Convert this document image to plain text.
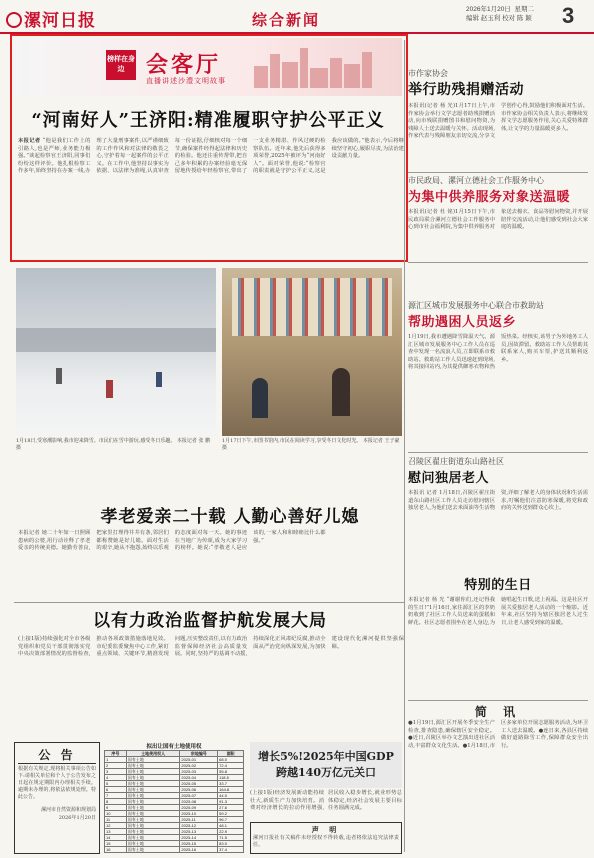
漯河日报	综合新闻
2026年1月20日 星期二
编辑 赵玉利 校对 陈 颖 3
榜样在身边 会客厅
直播讲述沙澧文明故事
“河南好人”王济阳:精准履职守护公平正义
本报记者 “他是我们工作上的引路人,也是严师,业务能力极强。”谈起检察官王济阳,同事们纷纷这样评价。他扎根检察工作多年,始终坚持在办案一线,办理了大量刑事案件,以严谨细致的工作作风和对法律的敬畏之心,守护着每一起案件的公平正义。在工作中,他坚持以事实为依据、以法律为准绳,认真审查每一份证据,仔细核对每一个细节,确保案件经得起法律和历史的检验。他还注重传帮带,把自己多年积累的办案经验毫无保留地传授给年轻检察官,带出了一支业务精湛、作风过硬的检察队伍。近年来,他先后获得多项荣誉,2025年被评为“河南好人”。面对荣誉,他说:“检察官的职责就是守护公平正义,这是我应该做的。”他表示,今后将继续坚守初心,履职尽责,为法治建设贡献力量。
市作家协会
举行助残捐赠活动
本报讯(记者 杨 光)1月17日上午,市作家协会举行文学志愿者助残捐赠活动,向市残联捐赠图书和慰问物资,为残障人士送去温暖与关怀。活动现场,作家代表与残障朋友亲切交流,分享文学创作心得,鼓励他们积极面对生活。市作家协会相关负责人表示,将继续发挥文学志愿服务作用,关心关爱特殊群体,让文学的力量温暖更多人。
市民政局、漯河立德社会工作服务中心
为集中供养服务对象送温暖
本报讯(记者 杜 铭)1月15日下午,市民政局联合漯河立德社会工作服务中心到市社会福利院,为集中供养服务对象送去棉衣、食品等慰问物资,并开展陪伴交流活动,让他们感受到社会大家庭的温暖。
源汇区城市发展服务中心联合市救助站
帮助遇困人员返乡
1月19日,我市遭遇降雪降温天气。源汇区城市发展服务中心工作人员在巡查中发现一名流浪人员,立即联系市救助站。救助站工作人员迅速赶到现场,将其接回站内,为其提供御寒衣物和热饭热菜。经核实,该男子为外地务工人员,因故滞留。救助站工作人员帮助其联系家人,购买车票,护送其顺利返乡。
召陵区翟庄街道东山路社区
慰问独居老人
本报讯 记者 1月18日,召陵区翟庄街道东山路社区工作人员走访慰问辖区独居老人,为他们送去米面油等生活物资,详细了解老人的身体状况和生活需求,叮嘱他们注意防寒保暖,将党和政府的关怀送到群众心坎上。
特别的生日
本报记者 杨 光 “谢谢你们,还记得我的生日!”1月16日,家住源汇区的李奶奶收到了社区工作人员送来的蛋糕和鲜花。社区志愿者围坐在老人身边,为她唱起生日歌,送上祝福。这是社区开展关爱独居老人活动的一个缩影。近年来,社区坚持为辖区独居老人过生日,让老人感受到家的温暖。
1月18日,受寒潮影响,我市迎来降雪。市民们在雪中游玩,感受冬日乐趣。 本报记者 张 鹏 摄
1月17日下午,市图书馆内,市民在阅读学习,享受冬日文化时光。 本报记者 王子豪 摄
孝老爱亲二十载 人勤心善好儿媳
本报记者 她二十年如一日照顾患病的公婆,用行动诠释了孝老爱亲的传统美德。她勤劳善良,把家里打理得井井有条,邻居们都称赞她是好儿媳。面对生活的艰辛,她从不抱怨,始终以乐观的态度面对每一天。她的事迹在当地广为传颂,成为大家学习的榜样。她说:“孝敬老人是应该的,一家人和和睦睦比什么都强。”
以有力政治监督护航发展大局
(上接1版)持续强化对全市各级党组织和党员干部贯彻落实党中央决策部署情况的监督检查,推动各项政策措施落地见效。市纪委监委聚焦中心工作,紧盯重点领域、关键环节,精准发现问题,压实整改责任,以有力政治监督保障经济社会高质量发展。同时,坚持严的基调不动摇,持续深化正风肃纪反腐,推动全面从严治党向纵深发展,为加快建设现代化漯河提供坚强保障。
公 告
根据有关规定,现将相关事项公告如下:请相关单位和个人于公告发布之日起在规定期限内办理相关手续。逾期未办理的,将依法依规处理。特此公告。
漯河市自然资源和规划局
2026年1月20日
拟出让国有土地使用权
序号	土地使用权人	宗地编号	面积
1	国有土地	2025-01	68.0
2	国有土地	2025-02	72.4
3	国有土地	2025-03	55.8
4	国有土地	2025-04	118.5
5	国有土地	2025-05	33.7
6	国有土地	2025-06	164.8
7	国有土地	2025-07	44.0
8	国有土地	2025-08	91.3
9	国有土地	2025-09	27.6
10	国有土地	2025-10	59.2
11	国有土地	2025-11	96.7
12	国有土地	2025-12	48.1
13	国有土地	2025-13	22.9
14	国有土地	2025-14	71.5
15	国有土地	2025-15	83.0
16	国有土地	2025-16	37.4
增长5%!2025年中国GDP
跨越140万亿元关口
(上接1版)经济发展新动能持续壮大,新质生产力加快培育。消费对经济增长的拉动作用增强,居民收入稳步增长,就业形势总体稳定,经济社会发展主要目标任务圆满完成。
声 明
漯河日报社有关稿件未经授权不得转载,违者将依法追究法律责任。
简 讯
●1月19日,源汇区开展冬季安全生产检查,排查隐患,确保辖区安全稳定。●近日,召陵区举办文艺演出进社区活动,丰富群众文化生活。●1月18日,市区多家单位开展志愿服务活动,为环卫工人送去温暖。●连日来,各县区持续做好道路除雪工作,保障群众安全出行。
